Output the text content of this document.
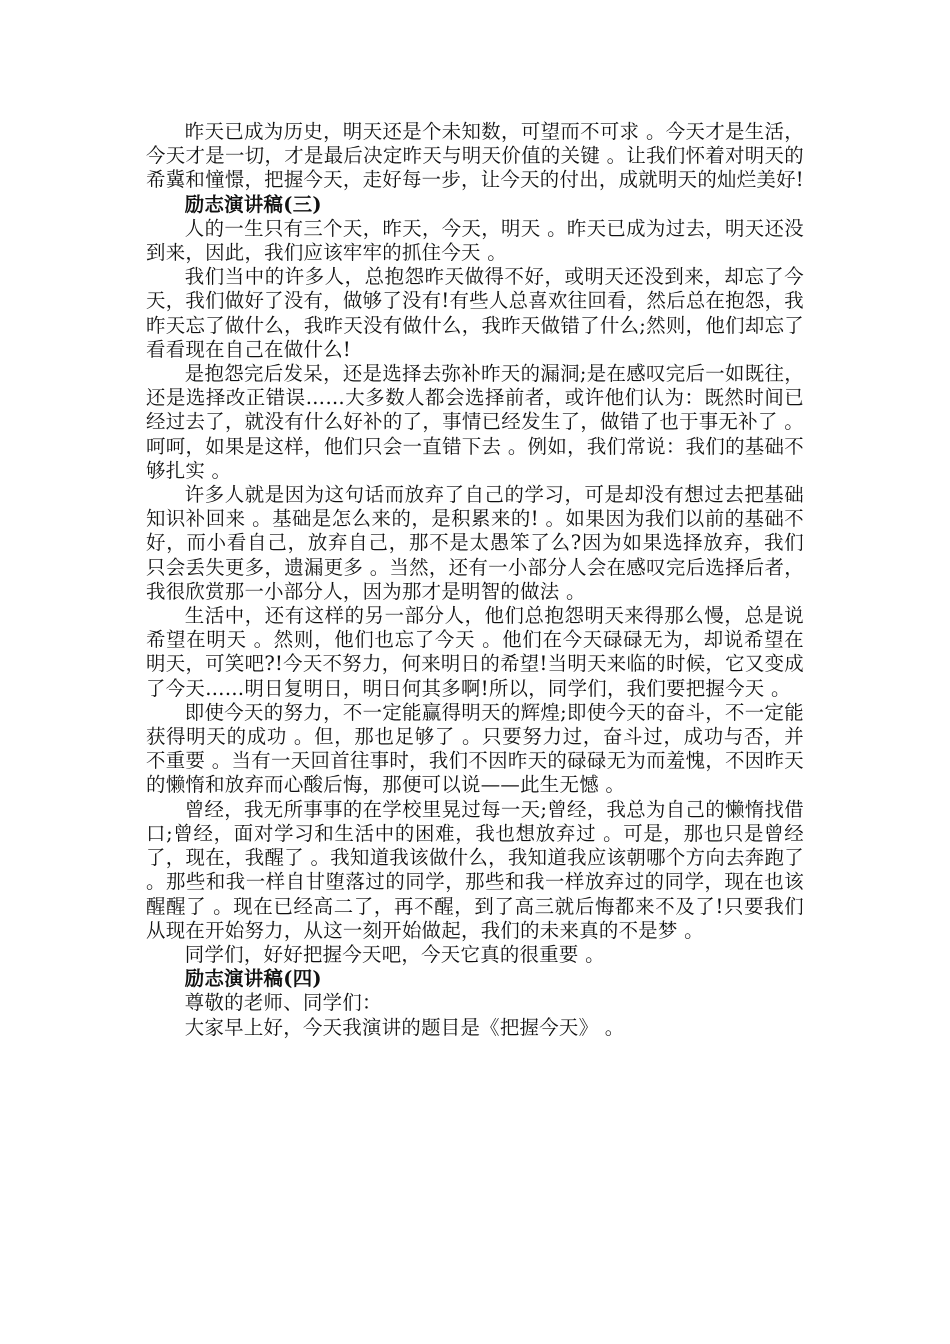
昨天已成为历史，明天还是个未知数，可望而不可求 。今天才是生活，今天才是一切，才是最后决定昨天与明天价值的关键 。让我们怀着对明天的希冀和憧憬，把握今天，走好每一步，让今天的付出，成就明天的灿烂美好!

励志演讲稿(三)

人的一生只有三个天，昨天，今天，明天 。昨天已成为过去，明天还没到来，因此，我们应该牢牢的抓住今天 。

我们当中的许多人，总抱怨昨天做得不好，或明天还没到来，却忘了今天，我们做好了没有，做够了没有!有些人总喜欢往回看，然后总在抱怨，我昨天忘了做什么，我昨天没有做什么，我昨天做错了什么;然则，他们却忘了看看现在自己在做什么!

是抱怨完后发呆，还是选择去弥补昨天的漏洞;是在感叹完后一如既往，还是选择改正错误……大多数人都会选择前者，或许他们认为：既然时间已经过去了，就没有什么好补的了，事情已经发生了，做错了也于事无补了 。呵呵，如果是这样，他们只会一直错下去 。例如，我们常说：我们的基础不够扎实 。

许多人就是因为这句话而放弃了自己的学习，可是却没有想过去把基础知识补回来 。基础是怎么来的，是积累来的! 。如果因为我们以前的基础不好，而小看自己，放弃自己，那不是太愚笨了么?因为如果选择放弃，我们只会丢失更多，遗漏更多 。当然，还有一小部分人会在感叹完后选择后者，我很欣赏那一小部分人，因为那才是明智的做法 。

生活中，还有这样的另一部分人，他们总抱怨明天来得那么慢，总是说希望在明天 。然则，他们也忘了今天 。他们在今天碌碌无为，却说希望在明天，可笑吧?!今天不努力，何来明日的希望!当明天来临的时候，它又变成了今天……明日复明日，明日何其多啊!所以，同学们，我们要把握今天 。

即使今天的努力，不一定能赢得明天的辉煌;即使今天的奋斗，不一定能获得明天的成功 。但，那也足够了 。只要努力过，奋斗过，成功与否，并不重要 。当有一天回首往事时，我们不因昨天的碌碌无为而羞愧，不因昨天的懒惰和放弃而心酸后悔，那便可以说——此生无憾 。

曾经，我无所事事的在学校里晃过每一天;曾经，我总为自己的懒惰找借口;曾经，面对学习和生活中的困难，我也想放弃过 。可是，那也只是曾经了，现在，我醒了 。我知道我该做什么，我知道我应该朝哪个方向去奔跑了 。那些和我一样自甘堕落过的同学，那些和我一样放弃过的同学，现在也该醒醒了 。现在已经高二了，再不醒，到了高三就后悔都来不及了!只要我们从现在开始努力，从这一刻开始做起，我们的未来真的不是梦 。

同学们，好好把握今天吧，今天它真的很重要 。

励志演讲稿(四)

尊敬的老师、同学们：

大家早上好，今天我演讲的题目是《把握今天》 。
